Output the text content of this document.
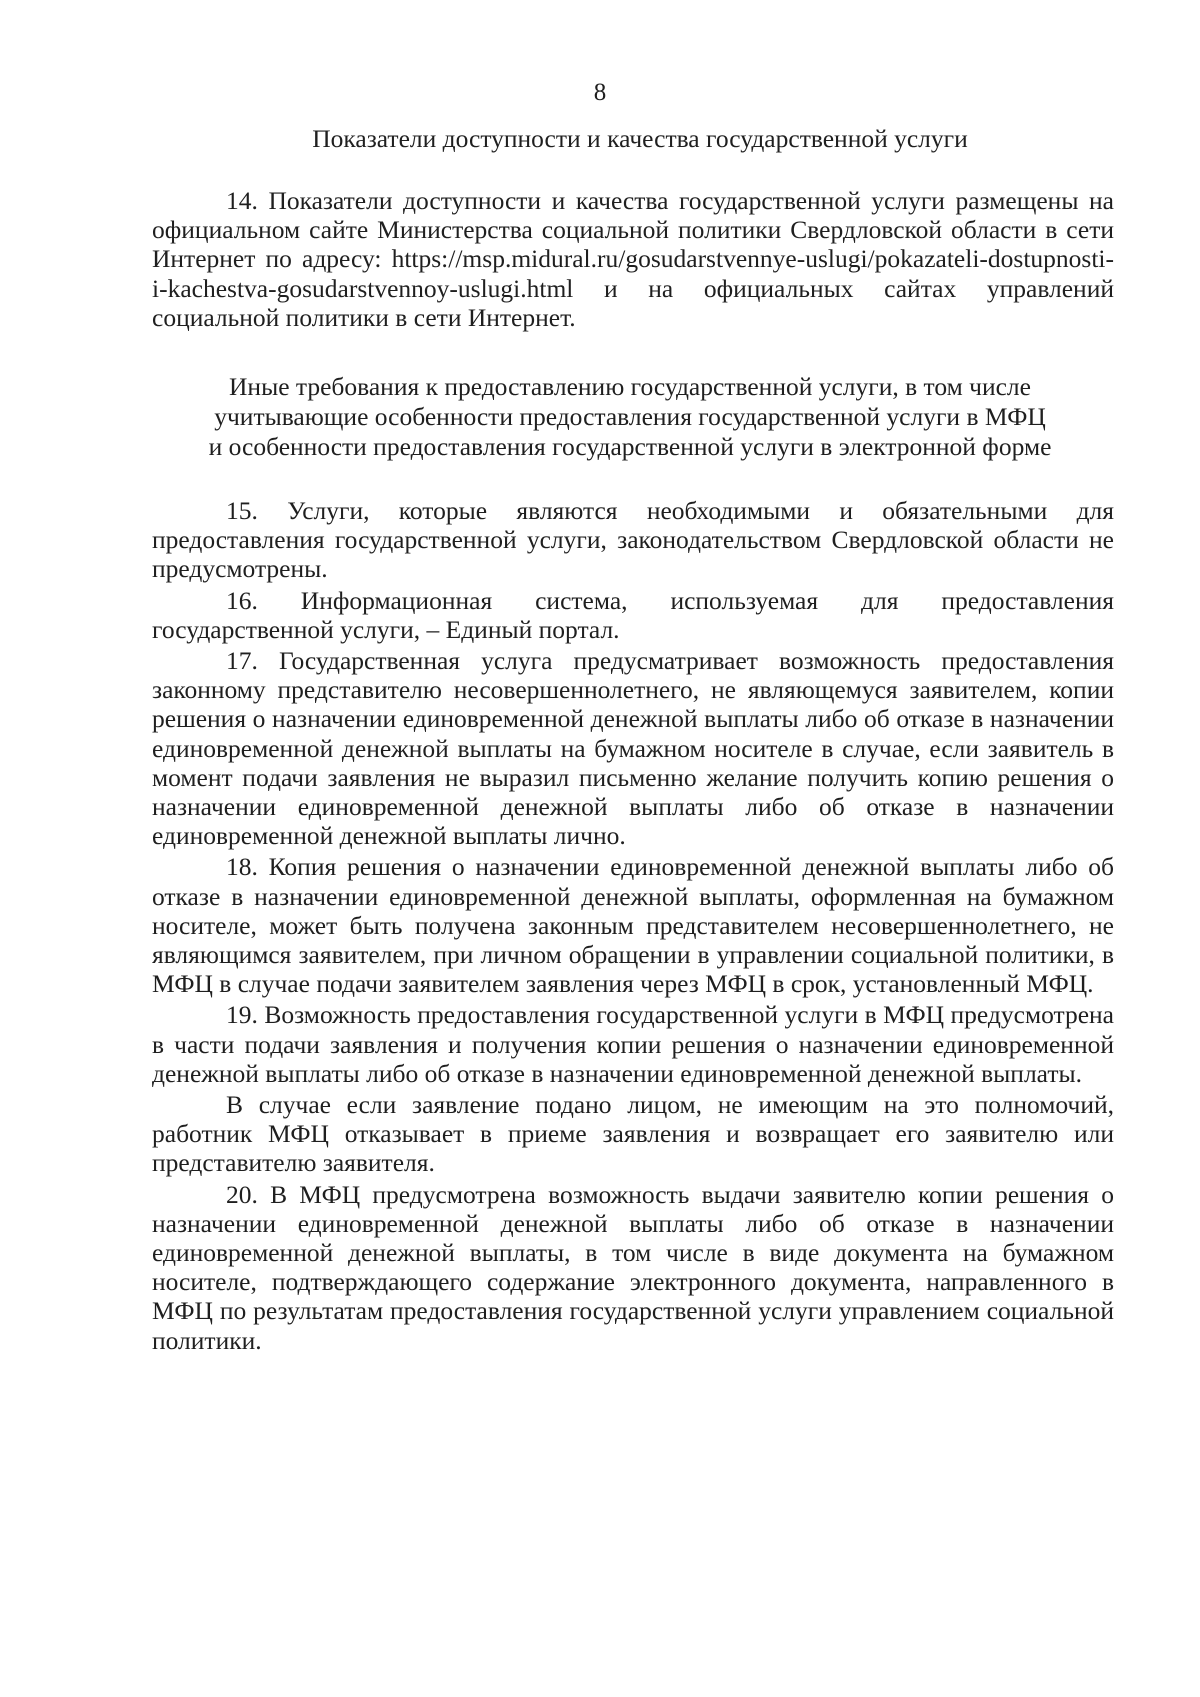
8
Показатели доступности и качества государственной услуги

14. Показатели доступности и качества государственной услуги размещены на официальном сайте Министерства социальной политики Свердловской области в сети Интернет по адресу: https://msp.midural.ru/gosudarstvennye-uslugi/pokazateli-dostupnosti-i-kachestva-gosudarstvennoy-uslugi.html и на официальных сайтах управлений социальной политики в сети Интернет.

Иные требования к предоставлению государственной услуги, в том числе
учитывающие особенности предоставления государственной услуги в МФЦ
и особенности предоставления государственной услуги в электронной форме

15. Услуги, которые являются необходимыми и обязательными для предоставления государственной услуги, законодательством Свердловской области не предусмотрены.

16. Информационная система, используемая для предоставления государственной услуги, – Единый портал.

17. Государственная услуга предусматривает возможность предоставления законному представителю несовершеннолетнего, не являющемуся заявителем, копии решения о назначении единовременной денежной выплаты либо об отказе в назначении единовременной денежной выплаты на бумажном носителе в случае, если заявитель в момент подачи заявления не выразил письменно желание получить копию решения о назначении единовременной денежной выплаты либо об отказе в назначении единовременной денежной выплаты лично.

18. Копия решения о назначении единовременной денежной выплаты либо об отказе в назначении единовременной денежной выплаты, оформленная на бумажном носителе, может быть получена законным представителем несовершеннолетнего, не являющимся заявителем, при личном обращении в управлении социальной политики, в МФЦ в случае подачи заявителем заявления через МФЦ в срок, установленный МФЦ.

19. Возможность предоставления государственной услуги в МФЦ предусмотрена в части подачи заявления и получения копии решения о назначении единовременной денежной выплаты либо об отказе в назначении единовременной денежной выплаты.

В случае если заявление подано лицом, не имеющим на это полномочий, работник МФЦ отказывает в приеме заявления и возвращает его заявителю или представителю заявителя.

20. В МФЦ предусмотрена возможность выдачи заявителю копии решения о назначении единовременной денежной выплаты либо об отказе в назначении единовременной денежной выплаты, в том числе в виде документа на бумажном носителе, подтверждающего содержание электронного документа, направленного в МФЦ по результатам предоставления государственной услуги управлением социальной политики.
